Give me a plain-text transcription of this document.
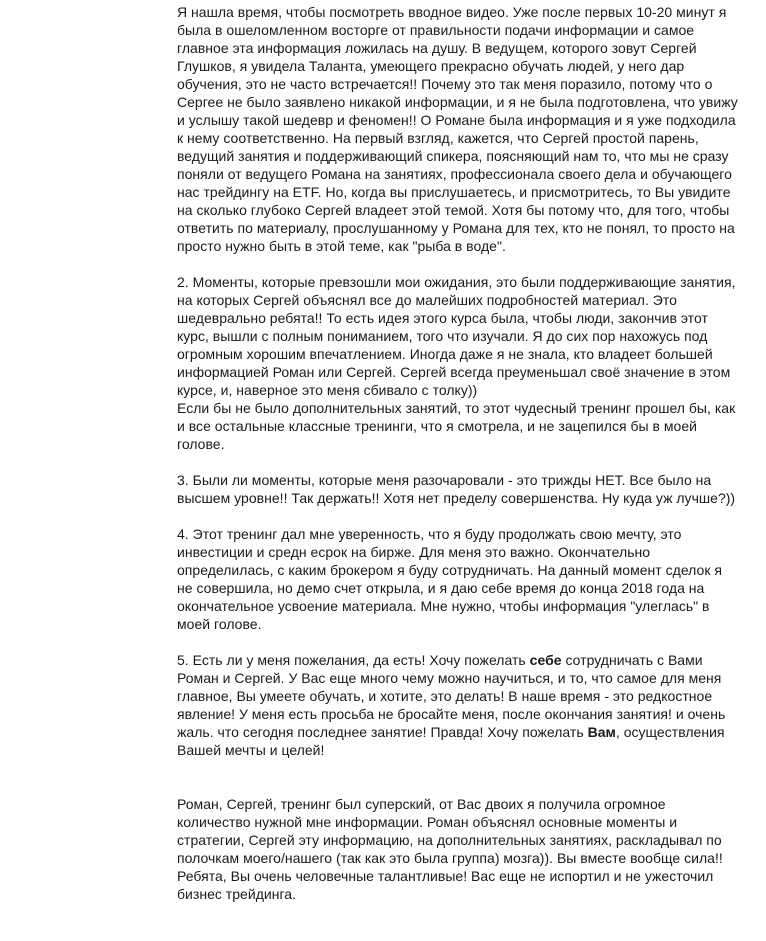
Я нашла время, чтобы посмотреть вводное видео. Уже после первых 10-20 минут я была в ошеломленном восторге от правильности подачи информации и самое главное эта информация ложилась на душу. В ведущем, которого зовут Сергей Глушков, я увидела Таланта, умеющего прекрасно обучать людей, у него дар обучения, это не часто встречается!! Почему это так меня поразило, потому что о Сергее не было заявлено никакой информации, и я не была подготовлена, что увижу и услышу такой шедевр и феномен!! О Романе была информация и я уже подходила к нему соответственно. На первый взгляд, кажется, что Сергей простой парень, ведущий занятия и поддерживающий спикера, поясняющий нам то, что мы не сразу поняли от ведущего Романа на занятиях, профессионала своего дела и обучающего нас трейдингу на ETF. Но, когда вы прислушаетесь, и присмотритесь, то Вы увидите на сколько глубоко Сергей владеет этой темой. Хотя бы потому что, для того, чтобы ответить по материалу, прослушанному у Романа для тех, кто не понял, то просто на просто нужно быть в этой теме, как "рыба в воде".

2. Моменты, которые превзошли мои ожидания, это были поддерживающие занятия, на которых Сергей объяснял все до малейших подробностей материал. Это шедеврально ребята!! То есть идея этого курса была, чтобы люди, закончив этот курс, вышли с полным пониманием, того что изучали. Я до сих пор нахожусь под огромным хорошим впечатлением. Иногда даже я не знала, кто владеет большей информацией Роман или Сергей. Сергей всегда преуменьшал своё значение в этом курсе, и, наверное это меня сбивало с толку))

Если бы не было дополнительных занятий, то этот чудесный тренинг прошел бы, как и все остальные классные тренинги, что я смотрела, и не зацепился бы в моей голове.

3. Были ли моменты, которые меня разочаровали - это трижды НЕТ. Все было на высшем уровне!! Так держать!! Хотя нет пределу совершенства. Ну куда уж лучше?))

4. Этот тренинг дал мне уверенность, что я буду продолжать свою мечту, это инвестиции и средн есрок на бирже. Для меня это важно. Окончательно определилась, с каким брокером я буду сотрудничать. На данный момент сделок я не совершила, но демо счет открыла, и я даю себе время до конца 2018 года на окончательное усвоение материала. Мне нужно, чтобы информация "улеглась" в моей голове.

5. Есть ли у меня пожелания, да есть! Хочу пожелать себе сотрудничать с Вами Роман и Сергей. У Вас еще много чему можно научиться, и то, что самое для меня главное, Вы умеете обучать, и хотите, это делать! В наше время - это редкостное явление! У меня есть просьба не бросайте меня, после окончания занятия! и очень жаль. что сегодня последнее занятие! Правда! Хочу пожелать Вам, осуществления Вашей мечты и целей!

Роман, Сергей, тренинг был суперский, от Вас двоих я получила огромное количество нужной мне информации. Роман объяснял основные моменты и стратегии, Сергей эту информацию, на дополнительных занятиях, раскладывал по полочкам моего/нашего (так как это была группа) мозга)). Вы вместе вообще сила!! Ребята, Вы очень человечные талантливые! Вас еще не испортил и не ужесточил бизнес трейдинга.
